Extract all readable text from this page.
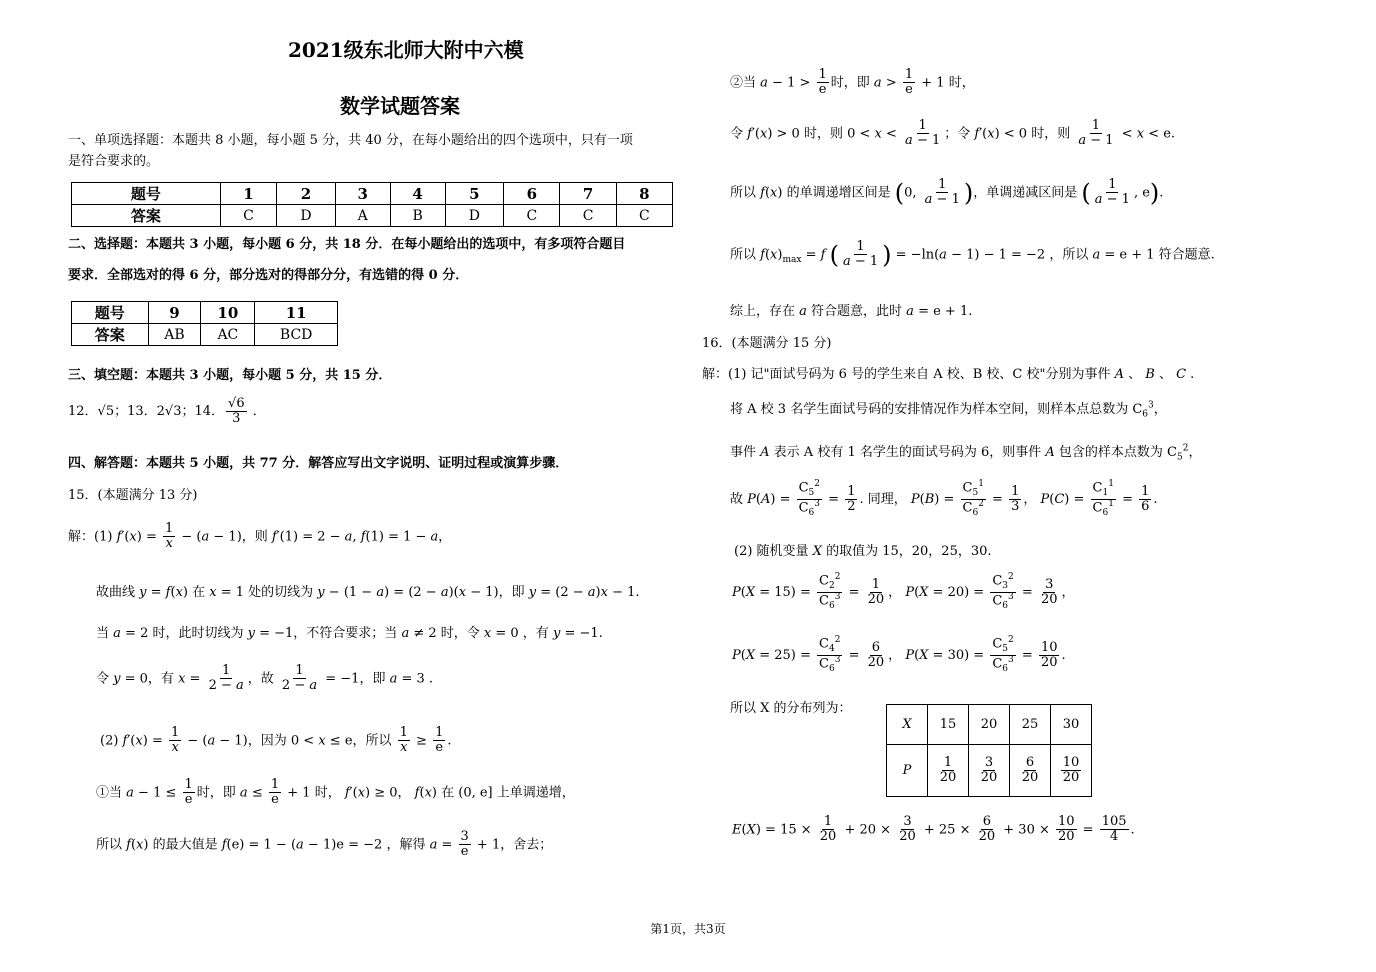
2021级东北师大附中六模
数学试题答案
一、单项选择题：本题共 8 小题，每小题 5 分，共 40 分，在每小题给出的四个选项中，只有一项
是符合要求的。
题号	1	2	3	4	5	6	7	8
答案	C	D	A	B	D	C	C	C
二、选择题：本题共 3 小题，每小题 6 分，共 18 分．在每小题给出的选项中，有多项符合题目
要求．全部选对的得 6 分，部分选对的得部分分，有选错的得 0 分．
题号	9	10	11
答案	AB	AC	BCD
三、填空题：本题共 3 小题，每小题 5 分，共 15 分．
12．√5；13．2√3；14． $\frac{√6}{3}$ ．
四、解答题：本题共 5 小题，共 77 分．解答应写出文字说明、证明过程或演算步骤．
15．(本题满分 13 分)
解：(1) $f'(x) = \frac{1}{x} - (a - 1)$，则 f′(1) = 2 − a, f(1) = 1 − a，
故曲线 y = f(x) 在 x = 1 处的切线为 y − (1 − a) = (2 − a)(x − 1)，即 y = (2 − a)x − 1.
当 a = 2 时，此时切线为 y = −1，不符合要求；当 a ≠ 2 时，令 x = 0 ，有 y = −1.
令 y = 0，有 $x = \frac{1}{2 - a}$ ，故 $\frac{1}{2 - a} = -1$，即 a = 3 .
(2) $f'(x) = \frac{1}{x} - (a - 1)$，因为 0 < x ≤ e，所以 $\frac{1}{x} \ge \frac{1}{e}$ .
①当 $a - 1 \le \frac{1}{e}$ 时，即 $a \le \frac{1}{e} + 1$ 时， f′(x) ≥ 0， f(x) 在 (0, e] 上单调递增，
所以 f(x) 的最大值是 f(e) = 1 − (a − 1)e = −2 ，解得 $a = \frac{3}{e} + 1$，舍去；
②当 $a - 1 > \frac{1}{e}$ 时，即 $a > \frac{1}{e} + 1$ 时，
令 f′(x) > 0 时，则 $0 < x < \frac{1}{a - 1}$ ；令 f′(x) < 0 时，则 $\frac{1}{a - 1} < x < e$.
所以 f(x) 的单调递增区间是 (0, $\frac{1}{a - 1}$ )，单调递减区间是 ( $\frac{1}{a - 1}$ , e).
所以 $f(x)_{max} = f$ ( $\frac{1}{a - 1}$ ) = −ln(a − 1) − 1 = −2 ，所以 a = e + 1 符合题意.
综上，存在 a 符合题意，此时 a = e + 1.
16．(本题满分 15 分)
解：(1) 记"面试号码为 6 号的学生来自 A 校、B 校、C 校"分别为事件 A 、 B 、 C .
将 A 校 3 名学生面试号码的安排情况作为样本空间，则样本点总数为 $C_6^3$，
事件 A 表示 A 校有 1 名学生的面试号码为 6，则事件 A 包含的样本点数为 $C_5^2$，
故 $P(A) = \frac{C_5^2}{C_6^3} = \frac{1}{2}$ . 同理， $P(B) = \frac{C_5^1}{C_6^2} = \frac{1}{3}$ ， $P(C) = \frac{C_1^1}{C_6^1} = \frac{1}{6}$ .
(2) 随机变量 X 的取值为 15，20，25，30.
$P(X = 15) = \frac{C_2^2}{C_6^3} = \frac{1}{20}$ ， $P(X = 20) = \frac{C_3^2}{C_6^3} = \frac{3}{20}$ ，
$P(X = 25) = \frac{C_4^2}{C_6^3} = \frac{6}{20}$ ， $P(X = 30) = \frac{C_5^2}{C_6^3} = \frac{10}{20}$ .
所以 X 的分布列为：
X	15	20	25	30
P	$\frac{1}{20}$	$\frac{3}{20}$	$\frac{6}{20}$	$\frac{10}{20}$
$E(X) = 15 \times \frac{1}{20} + 20 \times \frac{3}{20} + 25 \times \frac{6}{20} + 30 \times \frac{10}{20} = \frac{105}{4}$ .
第1页，共3页
